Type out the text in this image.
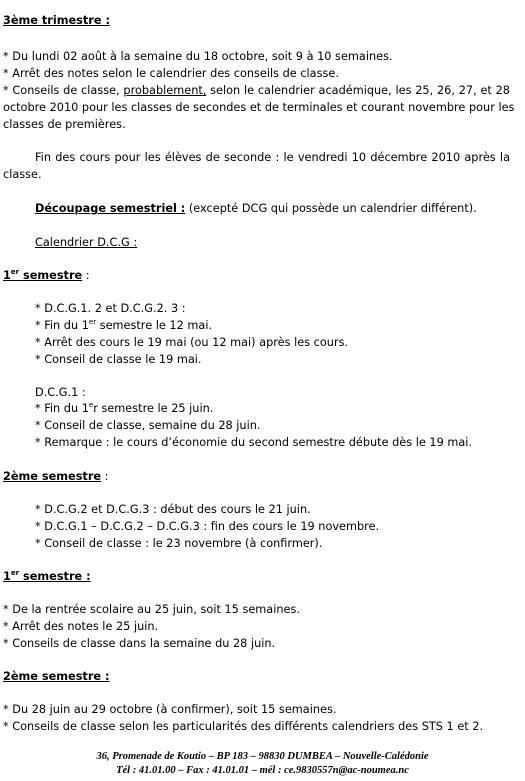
3ème trimestre :
* Du lundi 02 août à la semaine du 18 octobre, soit 9 à 10 semaines.
* Arrêt des notes selon le calendrier des conseils de classe.
* Conseils de classe, probablement, selon le calendrier académique, les 25, 26, 27, et 28
octobre 2010 pour les classes de secondes et de terminales et courant novembre pour les
classes de premières.
Fin des cours pour les élèves de seconde : le vendredi 10 décembre 2010 après la
classe.
Découpage semestriel : (excepté DCG qui possède un calendrier différent).
Calendrier D.C.G :
1er semestre :
* D.C.G.1. 2 et D.C.G.2. 3 :
* Fin du 1er semestre le 12 mai.
* Arrêt des cours le 19 mai (ou 12 mai) après les cours.
* Conseil de classe le 19 mai.
D.C.G.1 :
* Fin du 1er semestre le 25 juin.
* Conseil de classe, semaine du 28 juin.
* Remarque : le cours d’économie du second semestre débute dès le 19 mai.
2ème semestre :
* D.C.G.2 et D.C.G.3 : début des cours le 21 juin.
* D.C.G.1 – D.C.G.2 – D.C.G.3 : fin des cours le 19 novembre.
* Conseil de classe : le 23 novembre (à confirmer).
1er semestre :
* De la rentrée scolaire au 25 juin, soit 15 semaines.
* Arrêt des notes le 25 juin.
* Conseils de classe dans la semaine du 28 juin.
2ème semestre :
* Du 28 juin au 29 octobre (à confirmer), soit 15 semaines.
* Conseils de classe selon les particularités des différents calendriers des STS 1 et 2.
36, Promenade de Koutio – BP 183 – 98830 DUMBEA – Nouvelle-Calédonie
Tél : 41.01.00 – Fax : 41.01.01 – mél : ce.9830557n@ac-noumea.nc
